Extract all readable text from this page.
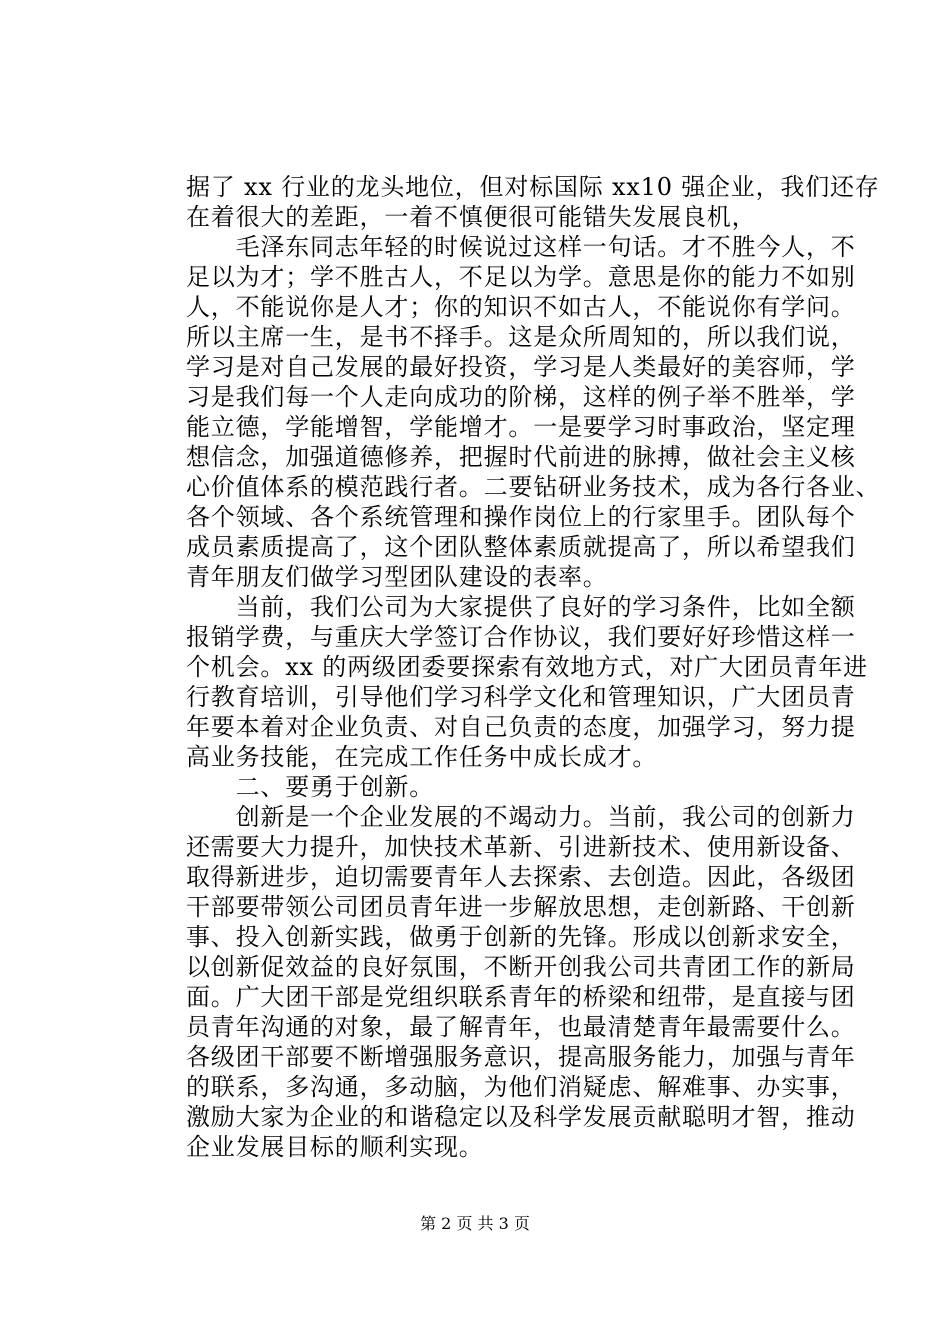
据了 xx 行业的龙头地位，但对标国际 xx10 强企业，我们还存
在着很大的差距，一着不慎便很可能错失发展良机，
　　毛泽东同志年轻的时候说过这样一句话。才不胜今人，不
足以为才；学不胜古人，不足以为学。意思是你的能力不如别
人，不能说你是人才；你的知识不如古人，不能说你有学问。
所以主席一生，是书不择手。这是众所周知的，所以我们说，
学习是对自己发展的最好投资，学习是人类最好的美容师，学
习是我们每一个人走向成功的阶梯，这样的例子举不胜举，学
能立德，学能增智，学能增才。一是要学习时事政治，坚定理
想信念，加强道德修养，把握时代前进的脉搏，做社会主义核
心价值体系的模范践行者。二要钻研业务技术，成为各行各业、
各个领域、各个系统管理和操作岗位上的行家里手。团队每个
成员素质提高了，这个团队整体素质就提高了，所以希望我们
青年朋友们做学习型团队建设的表率。
　　当前，我们公司为大家提供了良好的学习条件，比如全额
报销学费，与重庆大学签订合作协议，我们要好好珍惜这样一
个机会。xx 的两级团委要探索有效地方式，对广大团员青年进
行教育培训，引导他们学习科学文化和管理知识，广大团员青
年要本着对企业负责、对自己负责的态度，加强学习，努力提
高业务技能，在完成工作任务中成长成才。
　　二、要勇于创新。
　　创新是一个企业发展的不竭动力。当前，我公司的创新力
还需要大力提升，加快技术革新、引进新技术、使用新设备、
取得新进步，迫切需要青年人去探索、去创造。因此，各级团
干部要带领公司团员青年进一步解放思想，走创新路、干创新
事、投入创新实践，做勇于创新的先锋。形成以创新求安全，
以创新促效益的良好氛围，不断开创我公司共青团工作的新局
面。广大团干部是党组织联系青年的桥梁和纽带，是直接与团
员青年沟通的对象，最了解青年，也最清楚青年最需要什么。
各级团干部要不断增强服务意识，提高服务能力，加强与青年
的联系，多沟通，多动脑，为他们消疑虑、解难事、办实事，
激励大家为企业的和谐稳定以及科学发展贡献聪明才智，推动
企业发展目标的顺利实现。
第 2 页 共 3 页
